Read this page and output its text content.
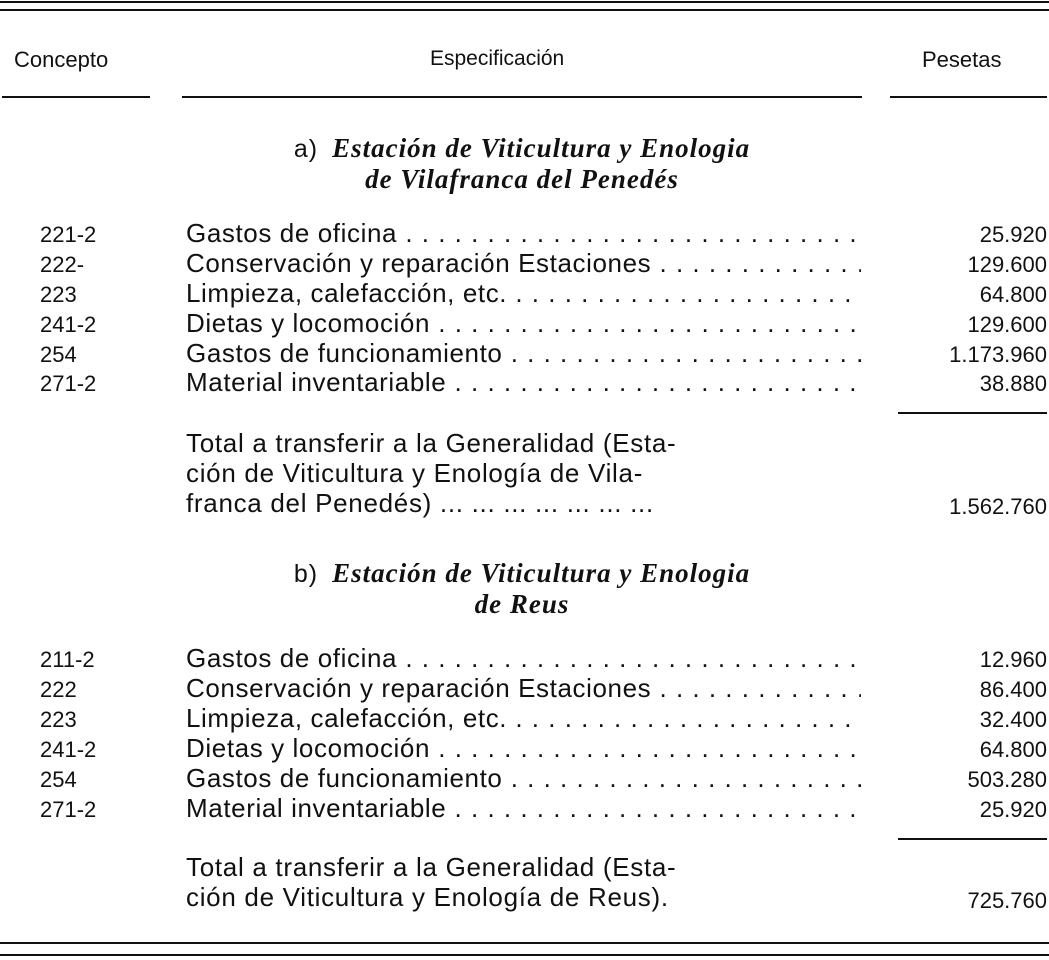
Concepto	Especificación	Pesetas
a) Estación de Viticultura y Enologia
de Vilafranca del Penedés
221-2	Gastos de oficina . . .	25.920
222-	Conservación y reparación Estaciones . . .	129.600
223	Limpieza, calefacción, etc. . . .	64.800
241-2	Dietas y locomoción . . .	129.600
254	Gastos de funcionamiento . . .	1.173.960
271-2	Material inventariable . . .	38.880
Total a transferir a la Generalidad (Esta-
ción de Viticultura y Enología de Vila-
franca del Penedés) ... ... ... ... ... ... ...	1.562.760
b) Estación de Viticultura y Enologia
de Reus
211-2	Gastos de oficina . . .	12.960
222	Conservación y reparación Estaciones . . .	86.400
223	Limpieza, calefacción, etc. . . .	32.400
241-2	Dietas y locomoción . . .	64.800
254	Gastos de funcionamiento . . .	503.280
271-2	Material inventariable . . .	25.920
Total a transferir a la Generalidad (Esta-
ción de Viticultura y Enología de Reus).	725.760
